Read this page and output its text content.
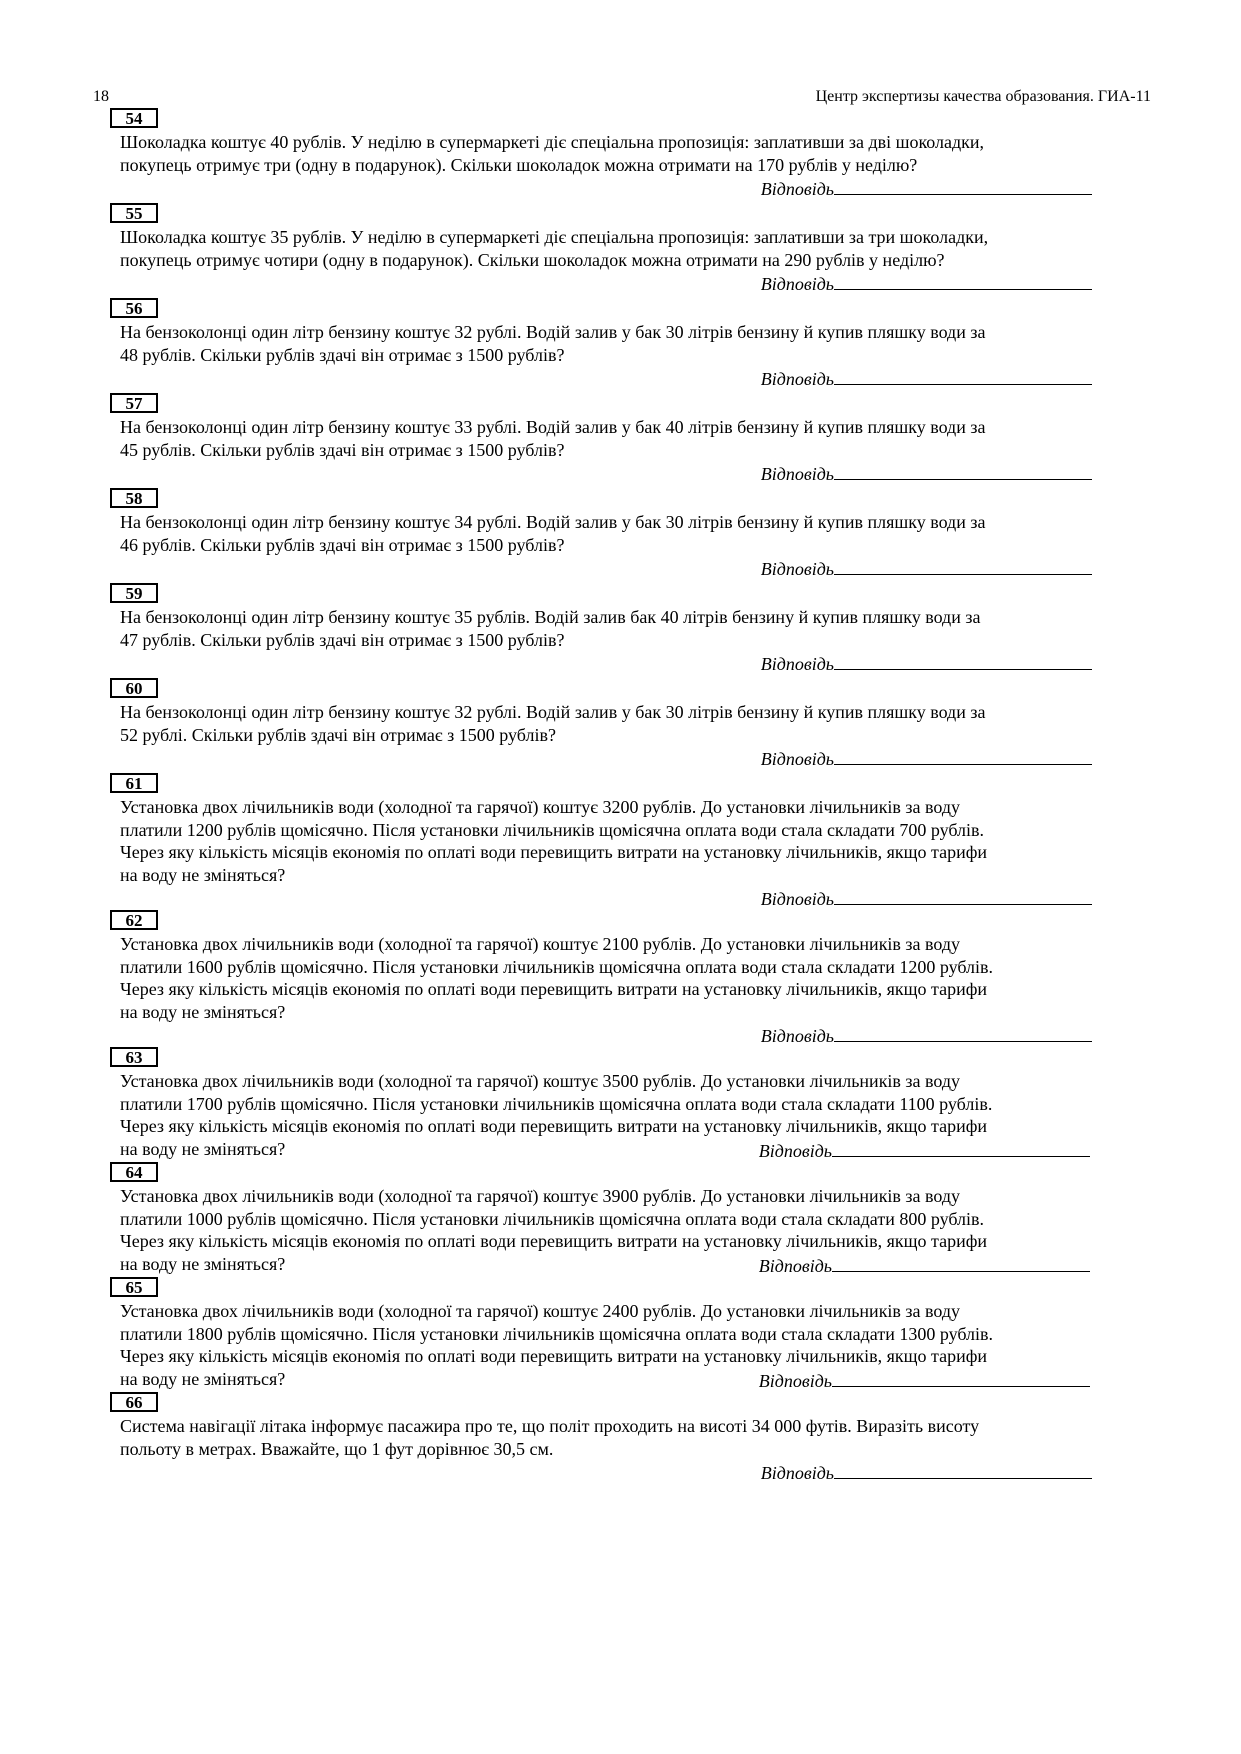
18	Центр экспертизы качества образования. ГИА-11
54
Шоколадка коштує 40 рублів. У неділю в супермаркеті діє спеціальна пропозиція: заплативши за дві шоколадки,
покупець отримує три (одну в подарунок). Скільки шоколадок можна отримати на 170 рублів у неділю?
Відповідь
55
Шоколадка коштує 35 рублів. У неділю в супермаркеті діє спеціальна пропозиція: заплативши за три шоколадки,
покупець отримує чотири (одну в подарунок). Скільки шоколадок можна отримати на 290 рублів у неділю?
Відповідь
56
На бензоколонці один літр бензину коштує 32 рублі. Водій залив у бак 30 літрів бензину й купив пляшку води за
48 рублів. Скільки рублів здачі він отримає з 1500 рублів?
Відповідь
57
На бензоколонці один літр бензину коштує 33 рублі. Водій залив у бак 40 літрів бензину й купив пляшку води за
45 рублів. Скільки рублів здачі він отримає з 1500 рублів?
Відповідь
58
На бензоколонці один літр бензину коштує 34 рублі. Водій залив у бак 30 літрів бензину й купив пляшку води за
46 рублів. Скільки рублів здачі він отримає з 1500 рублів?
Відповідь
59
На бензоколонці один літр бензину коштує 35 рублів. Водій залив бак 40 літрів бензину й купив пляшку води за
47 рублів. Скільки рублів здачі він отримає з 1500 рублів?
Відповідь
60
На бензоколонці один літр бензину коштує 32 рублі. Водій залив у бак 30 літрів бензину й купив пляшку води за
52 рублі. Скільки рублів здачі він отримає з 1500 рублів?
Відповідь
61
Установка двох лічильників води (холодної та гарячої) коштує 3200 рублів. До установки лічильників за воду
платили 1200 рублів щомісячно. Після установки лічильників щомісячна оплата води стала складати 700 рублів.
Через яку кількість місяців економія по оплаті води перевищить витрати на установку лічильників, якщо тарифи
на воду не зміняться?
Відповідь
62
Установка двох лічильників води (холодної та гарячої) коштує 2100 рублів. До установки лічильників за воду
платили 1600 рублів щомісячно. Після установки лічильників щомісячна оплата води стала складати 1200 рублів.
Через яку кількість місяців економія по оплаті води перевищить витрати на установку лічильників, якщо тарифи
на воду не зміняться?
Відповідь
63
Установка двох лічильників води (холодної та гарячої) коштує 3500 рублів. До установки лічильників за воду
платили 1700 рублів щомісячно. Після установки лічильників щомісячна оплата води стала складати 1100 рублів.
Через яку кількість місяців економія по оплаті води перевищить витрати на установку лічильників, якщо тарифи
Відповідь
на воду не зміняться?
64
Установка двох лічильників води (холодної та гарячої) коштує 3900 рублів. До установки лічильників за воду
платили 1000 рублів щомісячно. Після установки лічильників щомісячна оплата води стала складати 800 рублів.
Через яку кількість місяців економія по оплаті води перевищить витрати на установку лічильників, якщо тарифи
Відповідь
на воду не зміняться?
65
Установка двох лічильників води (холодної та гарячої) коштує 2400 рублів. До установки лічильників за воду
платили 1800 рублів щомісячно. Після установки лічильників щомісячна оплата води стала складати 1300 рублів.
Через яку кількість місяців економія по оплаті води перевищить витрати на установку лічильників, якщо тарифи
Відповідь
на воду не зміняться?
66
Система навігації літака інформує пасажира про те, що політ проходить на висоті 34 000 футів. Виразіть висоту
польоту в метрах. Вважайте, що 1 фут дорівнює 30,5 см.
Відповідь
